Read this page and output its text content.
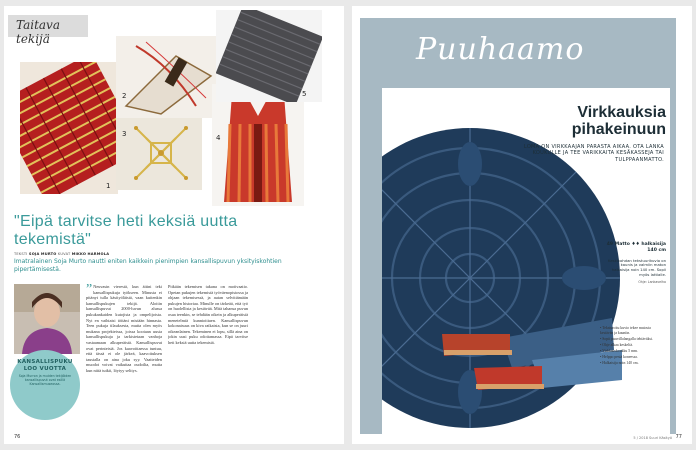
Taitava tekijä
1
2
3	4
5
"Eipä tarvitse heti keksiä uutta tekemistä"
TEKSTI SOJA MURTO KUVAT MIKKO HARMOLA
Imatralainen Soja Murto nautti eniten kaikkein pienimpien kansallispuvun yksityiskohtien pipertämisestä.
KANSALLISPUKU LOO VUOTTA
Soja Murron ja muiden tekijöiden kansallispuvut ovat esillä Kansallismuseossa.
” Neuvasin vierestä, kun äitini teki kansallispukuja työkseen. Minusta ei pitänyt tulla käsityöläistä, vaan kuitenkin kansallispukujen tekijä. Aloitin kansallispuvut 2000-luvun alussa pukukankaiden kutojista ja ompelijoista. Nyt en vaihtaisi töitäni mistään hinnasta. Teen pukuja tilauksesta, mutta olen myös mukana projekteissa, joissa kootaan uusia kansallispukuja ja tarkistetaan vanhoja vastaamaan alkuperäistä. Kansallispuvut ovat perinteisiä. Jos kaavoittaessa tuntuu, että tässä ei ole järkeä, kaavoituksen taustalla on aina joku syy. Vaatteiden muodot voivat vaikuttaa oudoilta, mutta kun niitä tutkii, löytyy selitys.
Pitkään tekemisen takana on motivaatio. Opetan pukujen tekemistä työväenopistossa ja ohjaan tekemisessä, ja autan selvittämään pukujen historiaa. Minulle on tärkeää, että työ on huolellista ja kestävää. Mitä tahansa puvun osaa teenkin, se tehdään oikein ja alkuperäisiä menetelmiä kunnioittaen. Kansallispuvun kokonaisuus on kiva ratkaista, kun se on juuri oikeanlainen. Tekeminen ei lopu, sillä aina on jokin uusi puku odottamassa. Eipä tarvitse heti keksiä uutta tekemistä.
76
Puuhaamo
Virkkauksia pihakeinuun
LOMA ON VIRKKAAJAN PARASTA AIKAA. OTA LANKA KOUKULLE JA TEE VARIKKAITA KESÄKASSEJA TAI TULPPAANMATTO.
49 Matto ♦♦ halkaisija 140 cm
Keskikohdan tekstuurikuvio on kaunis ja valmiin maton halkaisija noin 140 cm. Sopii myös lattialle.
Ohje: Lankavelho
• Teksturoitu kuvio tekee matosta kestävän ja kauniin.
• Sopii puuvillalangalla tehtäväksi.
• Ohje alkaa keskeltä.
• Virkkauskoukku 5 mm.
• Helppo pestä koneessa.
• Halkaisija noin 140 cm.
5 / 2018 Suuri Käsityö 77
